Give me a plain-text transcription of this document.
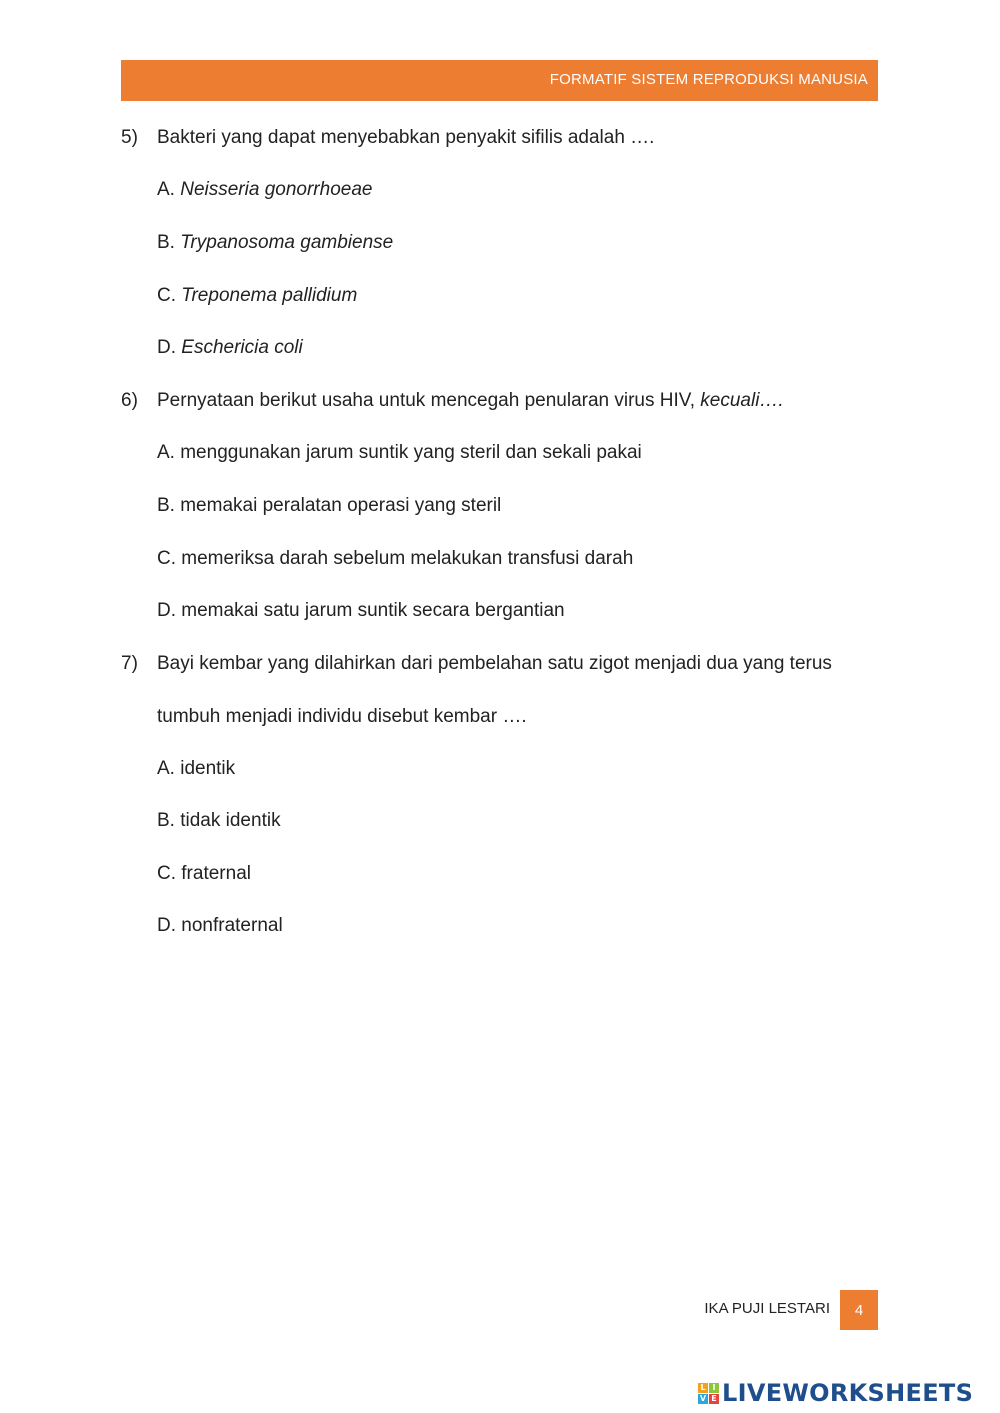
FORMATIF SISTEM REPRODUKSI MANUSIA
5) Bakteri yang dapat menyebabkan penyakit sifilis adalah ….
A. Neisseria gonorrhoeae
B. Trypanosoma gambiense
C. Treponema pallidium
D. Eschericia coli
6) Pernyataan berikut usaha untuk mencegah penularan virus HIV, kecuali….
A. menggunakan jarum suntik yang steril dan sekali pakai
B. memakai peralatan operasi yang steril
C. memeriksa darah sebelum melakukan transfusi darah
D. memakai satu jarum suntik secara bergantian
7) Bayi kembar yang dilahirkan dari pembelahan satu zigot menjadi dua yang terus
tumbuh menjadi individu disebut kembar ….
A. identik
B. tidak identik
C. fraternal
D. nonfraternal
IKA PUJI LESTARI	4
L I
V E LIVEWORKSHEETS
